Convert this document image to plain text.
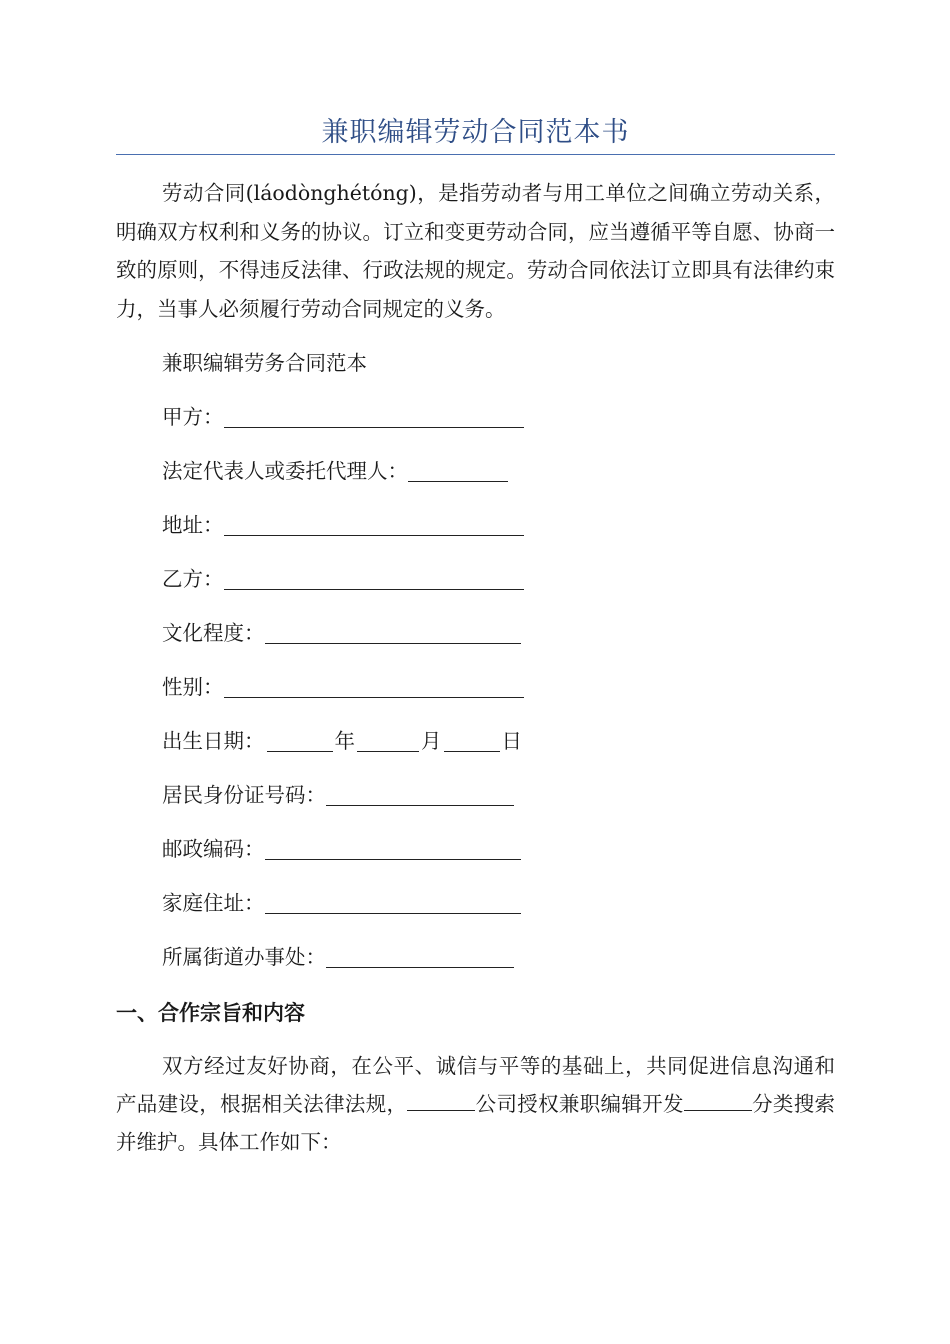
兼职编辑劳动合同范本书

劳动合同(láodònghétóng)，是指劳动者与用工单位之间确立劳动关系，明确双方权利和义务的协议。订立和变更劳动合同，应当遵循平等自愿、协商一致的原则，不得违反法律、行政法规的规定。劳动合同依法订立即具有法律约束力，当事人必须履行劳动合同规定的义务。

兼职编辑劳务合同范本

甲方：
法定代表人或委托代理人：
地址：
乙方：
文化程度：
性别：
出生日期：	年	月	日
居民身份证号码：
邮政编码：
家庭住址：
所属街道办事处：
一、合作宗旨和内容

双方经过友好协商，在公平、诚信与平等的基础上，共同促进信息沟通和产品建设，根据相关法律法规，	公司授权兼职编辑开发	分类搜索并维护。具体工作如下：
